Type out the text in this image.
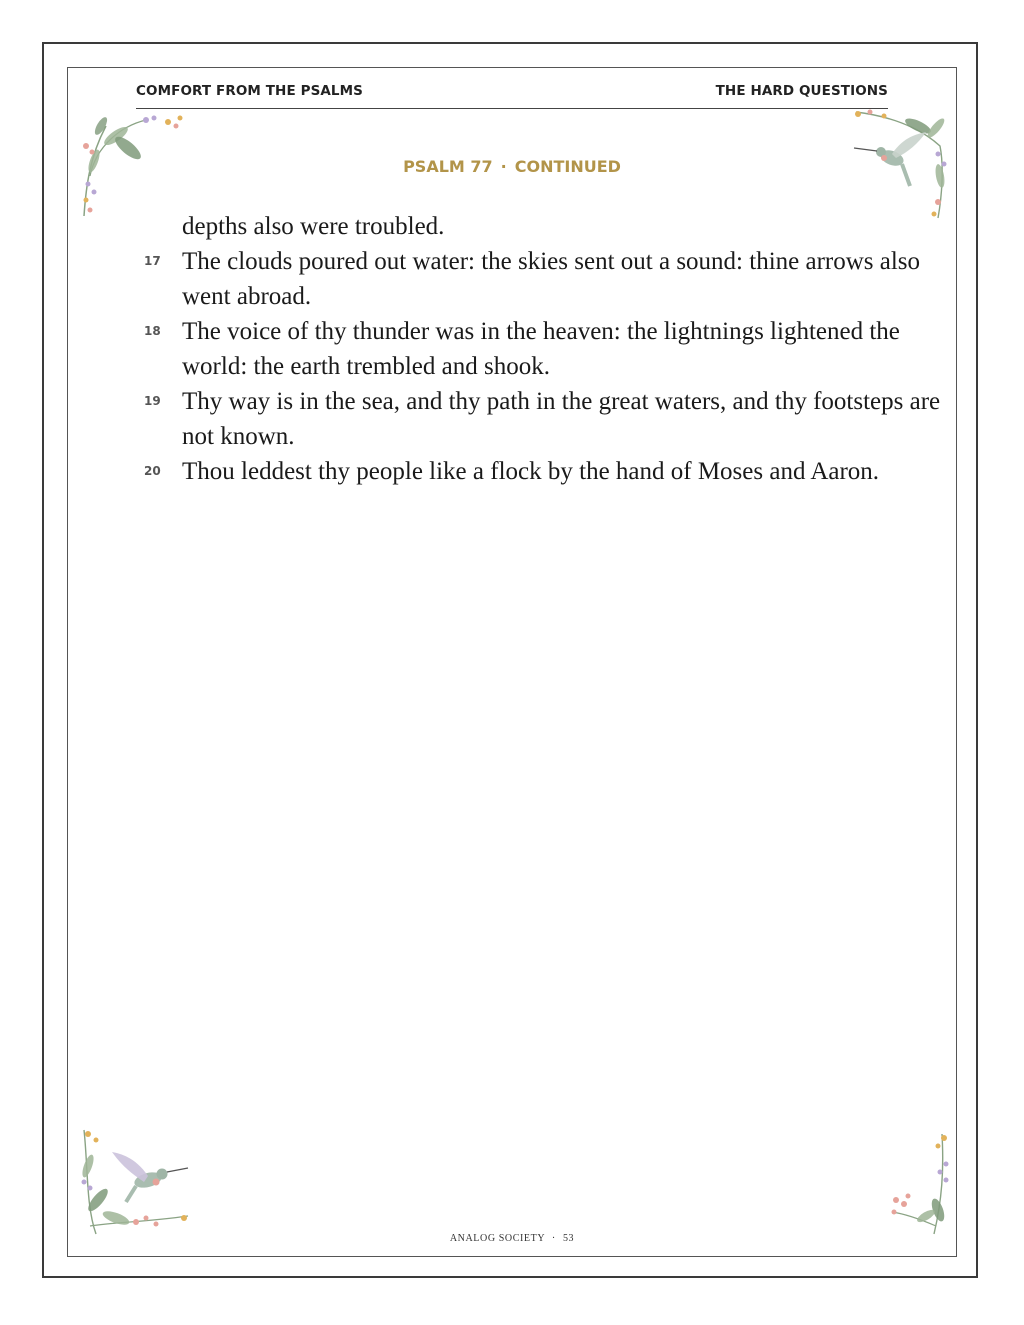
COMFORT FROM THE PSALMS	THE HARD QUESTIONS
PSALM 77 · CONTINUED
depths also were troubled.
17 The clouds poured out water: the skies sent out a sound: thine arrows also went abroad.
18 The voice of thy thunder was in the heaven: the lightnings lightened the world: the earth trembled and shook.
19 Thy way is in the sea, and thy path in the great waters, and thy footsteps are not known.
20 Thou leddest thy people like a flock by the hand of Moses and Aaron.
ANALOG SOCIETY · 53
